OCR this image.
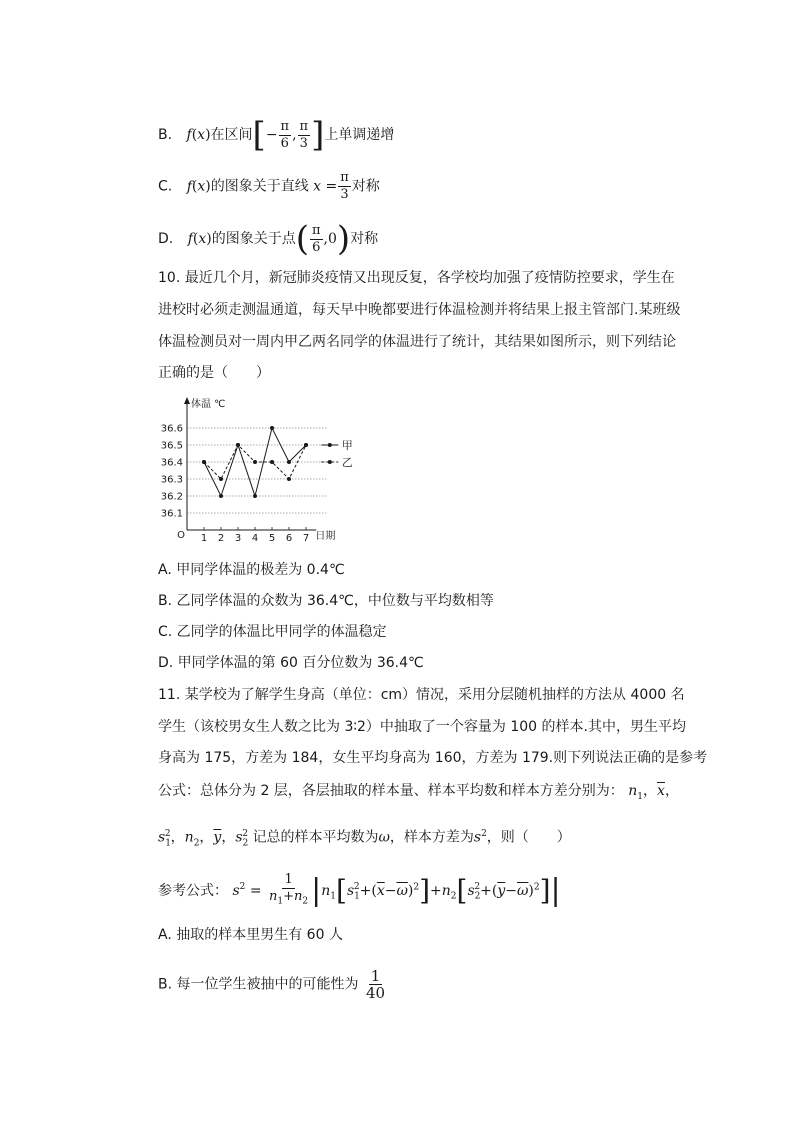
B. f(x)在区间[− $\frac{\pi}{6}$ , $\frac{\pi}{3}$ ]上单调递增
C. f(x)的图象关于直线 $x = \frac{\pi}{3}$ 对称
D. f(x)的图象关于点( $\frac{\pi}{6} ,0$)对称
10. 最近几个月，新冠肺炎疫情又出现反复，各学校均加强了疫情防控要求，学生在
进校时必须走测温通道，每天早中晚都要进行体温检测并将结果上报主管部门.某班级
体温检测员对一周内甲乙两名同学的体温进行了统计，其结果如图所示，则下列结论
正确的是（　　）
36.1
36.2
36.3
36.4
36.5
36.6
体温 ℃
O	日期
1 2 3 4 5 6 7
甲
乙
A. 甲同学体温的极差为 0.4℃
B. 乙同学体温的众数为 36.4℃，中位数与平均数相等
C. 乙同学的体温比甲同学的体温稳定
D. 甲同学体温的第 60 百分位数为 36.4℃
11. 某学校为了解学生身高（单位：cm）情况，采用分层随机抽样的方法从 4000 名
学生（该校男女生人数之比为 3∶2）中抽取了一个容量为 100 的样本.其中，男生平均
身高为 175，方差为 184，女生平均身高为 160，方差为 179.则下列说法正确的是参考
公式：总体分为 2 层，各层抽取的样本量、样本平均数和样本方差分别为： $n_1$，$\overline{x}$，
$s_1^2$，$n_2$，$\overline{y}$，$s_2^2$ 记总的样本平均数为ω，样本方差为$s^2$，则（　　）
参考公式： $s^2 = \frac{1}{n_1+n_2} |n_1[s_1^2+(\overline{x}-\overline{\omega})^2]+n_2[s_2^2+(\overline{y}-\overline{\omega})^2]|$
A. 抽取的样本里男生有 60 人
B. 每一位学生被抽中的可能性为 $\frac{1}{40}$
